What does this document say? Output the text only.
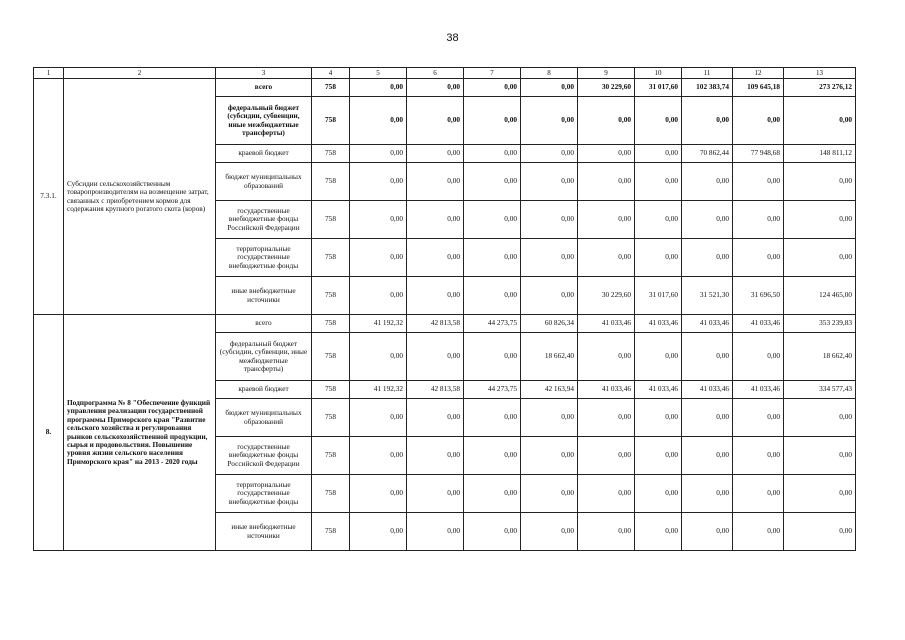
38
1	2	3	4	5	6	7	8	9	10	11	12	13
7.3.1.	Субсидии сельскохозяйственным товаропроизводителям на возмещение затрат, связанных с приобретением кормов для содержания крупного рогатого скота (коров)	всего	758	0,00	0,00	0,00	0,00	30 229,60	31 017,60	102 383,74	109 645,18	273 276,12
		федеральный бюджет (субсидии, субвенции, иные межбюджетные трансферты)	758	0,00	0,00	0,00	0,00	0,00	0,00	0,00	0,00	0,00
		краевой бюджет	758	0,00	0,00	0,00	0,00	0,00	0,00	70 862,44	77 948,68	148 811,12
		бюджет муниципальных образований	758	0,00	0,00	0,00	0,00	0,00	0,00	0,00	0,00	0,00
		государственные внебюджетные фонды Российской Федерации	758	0,00	0,00	0,00	0,00	0,00	0,00	0,00	0,00	0,00
		территориальные государственные внебюджетные фонды	758	0,00	0,00	0,00	0,00	0,00	0,00	0,00	0,00	0,00
		иные внебюджетные источники	758	0,00	0,00	0,00	0,00	30 229,60	31 017,60	31 521,30	31 696,50	124 465,00
8.	Подпрограмма № 8 "Обеспечение функций управления реализации государственной программы Приморского края "Развитие сельского хозяйства и регулирования рынков сельскохозяйственной продукции, сырья и продовольствия. Повышение уровня жизни сельского населения Приморского края" на 2013 - 2020 годы	всего	758	41 192,32	42 813,58	44 273,75	60 826,34	41 033,46	41 033,46	41 033,46	41 033,46	353 239,83
		федеральный бюджет (субсидии, субвенции, иные межбюджетные трансферты)	758	0,00	0,00	0,00	18 662,40	0,00	0,00	0,00	0,00	18 662,40
		краевой бюджет	758	41 192,32	42 813,58	44 273,75	42 163,94	41 033,46	41 033,46	41 033,46	41 033,46	334 577,43
		бюджет муниципальных образований	758	0,00	0,00	0,00	0,00	0,00	0,00	0,00	0,00	0,00
		государственные внебюджетные фонды Российской Федерации	758	0,00	0,00	0,00	0,00	0,00	0,00	0,00	0,00	0,00
		территориальные государственные внебюджетные фонды	758	0,00	0,00	0,00	0,00	0,00	0,00	0,00	0,00	0,00
		иные внебюджетные источники	758	0,00	0,00	0,00	0,00	0,00	0,00	0,00	0,00	0,00
